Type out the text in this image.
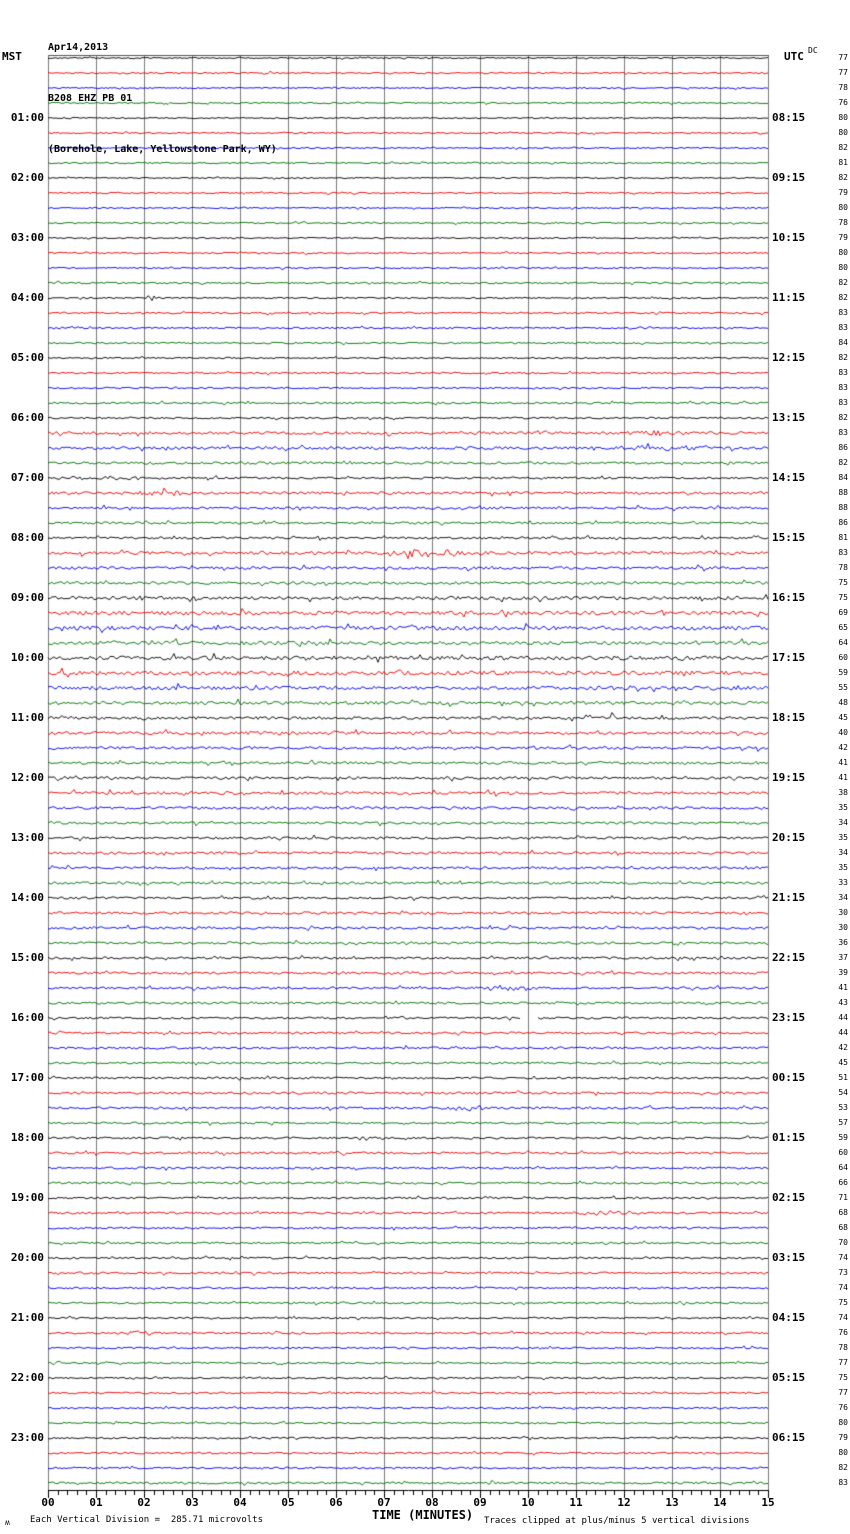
Apr14,2013

B208 EHZ PB 01

(Borehole, Lake, Yellowstone Park, WY)

MST	UTC DC
01:00
02:00
03:00
04:00
05:00
06:00
07:00
08:00
09:00
10:00
11:00
12:00
13:00
14:00
15:00
16:00
17:00
18:00
19:00
20:00
21:00
22:00
23:00
08:15
09:15
10:15
11:15
12:15
13:15
14:15
15:15
16:15
17:15
18:15
19:15
20:15
21:15
22:15
23:15
00:15
01:15
02:15
03:15
04:15
05:15
06:15
77
77
78
76
80
80
82
81
82
79
80
78
79
80
80
82
82
83
83
84
82
83
83
83
82
83
86
82
84
88
88
86
81
83
78
75
75
69
65
64
60
59
55
48
45
40
42
41
41
38
35
34
35
34
35
33
34
30
30
36
37
39
41
43
44
44
42
45
51
54
53
57
59
60
64
66
71
68
68
70
74
73
74
75
74
76
78
77
75
77
76
80
79
80
82
83
00	01	02	03	04	05	06	07	08	09	10	11	12	13	14	15
ʍ Each Vertical Division =  285.71 microvolts	TIME (MINUTES) Traces clipped at plus/minus 5 vertical divisions
